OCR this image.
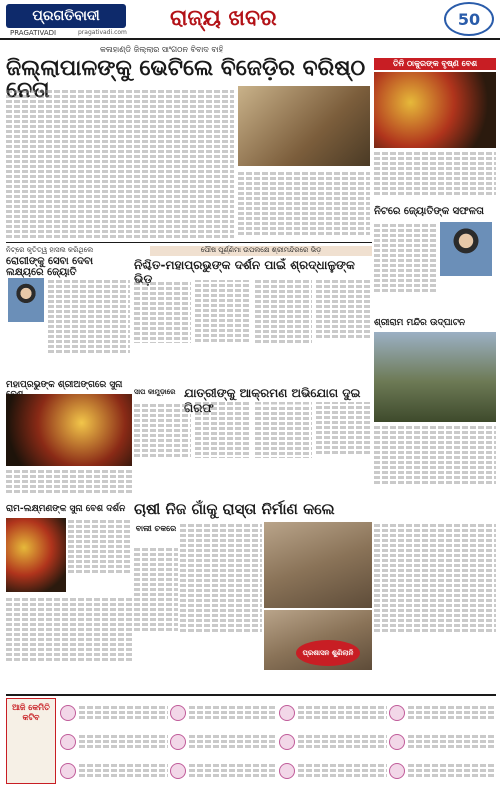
ପ୍ରଗତିବାଦୀ
PRAGATIVADI	pragativadi.com
ରାଜ୍ୟ ଖବର	50
କଳାହାଣ୍ଡି ଜିଲ୍ଲାର ସାଂଗଠନ ବିବାଦ ବାହି
ଜିଲ୍ଲାପାଳଙ୍କୁ ଭେଟିଲେ ବିଜେଡ଼ିର ବରିଷ୍ଠ ନେତା
ତିନି ଠାକୁରଙ୍କ ବୃଷ୍ଣ ବେଶ
ନିଟରେ ଜ୍ୟୋତିଙ୍କ ସଫଳତା
ନିଟ୍‌ରେ କୃତିତ୍ୱ ହାସଲ କରିଥିଲେ
ରୋଗୀଙ୍କୁ ସେବା ଦେବା ଲକ୍ଷ୍ୟରେ ଜ୍ୟୋତି
ପୌଷ ପୂର୍ଣ୍ଣିମା ଉପଲକ୍ଷେ ଶ୍ରୀମନ୍ଦିରରେ ଭିଡ଼
ନିଶ୍ଚିତ-ମହାପ୍ରଭୁଙ୍କ ଦର୍ଶନ ପାଇଁ ଶ୍ରଦ୍ଧାଳୁଙ୍କ ଭିଡ଼
ମହାପ୍ରଭୁଙ୍କ ଶ୍ରୀଅଙ୍ଗରେ ସୁନା
ସାପ କାମୁଡ଼ାରେ ଯାତ୍ରୀଙ୍କୁ ଆକ୍ରମଣ ଅଭିଯୋଗ ଦୁଇ ଗିରଫ
ଶ୍ରୀରାମ ମନ୍ଦିର ଉଦ୍‌ଘାଟନ
ଚାଷୀ ନିଜ ଗାଁକୁ ରାସ୍ତା ନିର୍ମାଣ କଲେ
ରାମ-ଲକ୍ଷ୍ମଣଙ୍କ ସୁନା ବେଶ ଦର୍ଶନ
ବାଲୀ ଚକରେ
ପ୍ରଶାସନ ଶୁଣିଲାନି
ଆଜି କେମିତି କଟିବ
